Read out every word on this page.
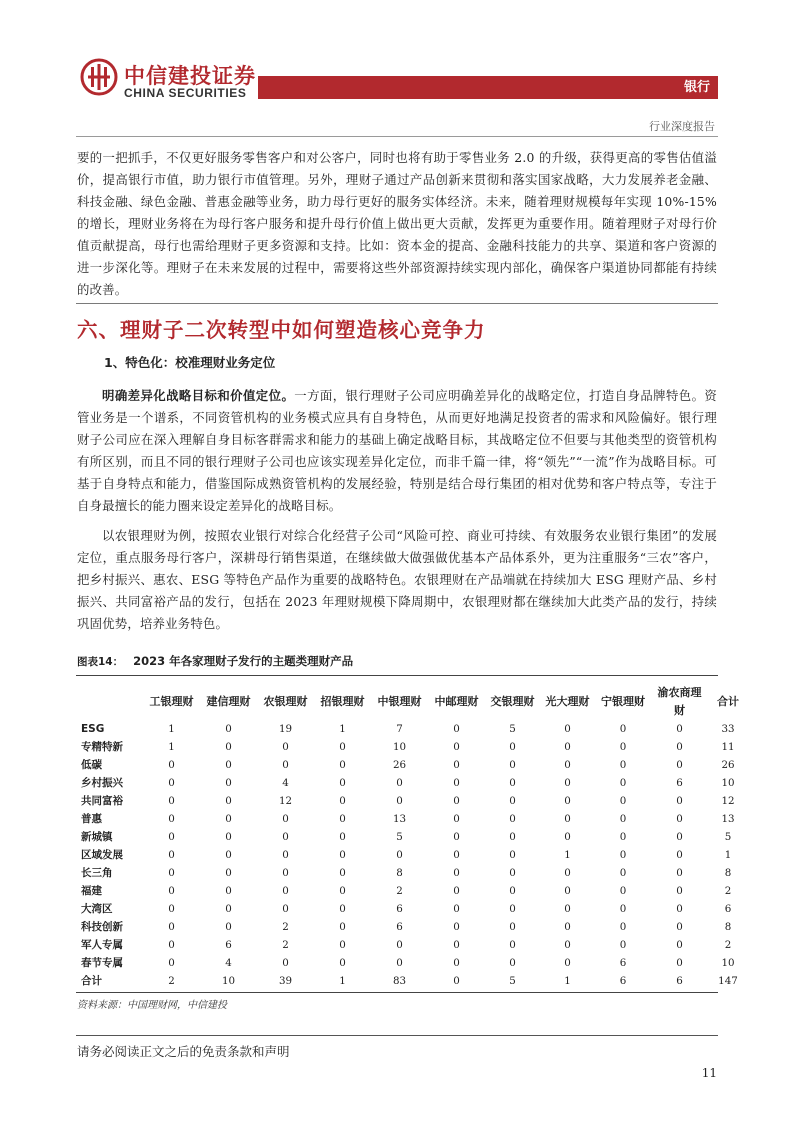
中信建投证券
CHINA SECURITIES	银行
行业深度报告

要的一把抓手，不仅更好服务零售客户和对公客户，同时也将有助于零售业务 2.0 的升级，获得更高的零售估值溢价，提高银行市值，助力银行市值管理。另外，理财子通过产品创新来贯彻和落实国家战略，大力发展养老金融、科技金融、绿色金融、普惠金融等业务，助力母行更好的服务实体经济。未来，随着理财规模每年实现 10%-15%的增长，理财业务将在为母行客户服务和提升母行价值上做出更大贡献，发挥更为重要作用。随着理财子对母行价值贡献提高，母行也需给理财子更多资源和支持。比如：资本金的提高、金融科技能力的共享、渠道和客户资源的进一步深化等。理财子在未来发展的过程中，需要将这些外部资源持续实现内部化，确保客户渠道协同都能有持续的改善。

六、理财子二次转型中如何塑造核心竞争力
1、特色化：校准理财业务定位

明确差异化战略目标和价值定位。一方面，银行理财子公司应明确差异化的战略定位，打造自身品牌特色。资管业务是一个谱系，不同资管机构的业务模式应具有自身特色，从而更好地满足投资者的需求和风险偏好。银行理财子公司应在深入理解自身目标客群需求和能力的基础上确定战略目标，其战略定位不但要与其他类型的资管机构有所区别，而且不同的银行理财子公司也应该实现差异化定位，而非千篇一律，将“领先”“一流”作为战略目标。可基于自身特点和能力，借鉴国际成熟资管机构的发展经验，特别是结合母行集团的相对优势和客户特点等，专注于自身最擅长的能力圈来设定差异化的战略目标。

以农银理财为例，按照农业银行对综合化经营子公司“风险可控、商业可持续、有效服务农业银行集团”的发展定位，重点服务母行客户，深耕母行销售渠道，在继续做大做强做优基本产品体系外，更为注重服务“三农”客户，把乡村振兴、惠农、ESG 等特色产品作为重要的战略特色。农银理财在产品端就在持续加大 ESG 理财产品、乡村振兴、共同富裕产品的发行，包括在 2023 年理财规模下降周期中，农银理财都在继续加大此类产品的发行，持续巩固优势，培养业务特色。

图表14： 2023 年各家理财子发行的主题类理财产品
	工银理财	建信理财	农银理财	招银理财	中银理财	中邮理财	交银理财	光大理财	宁银理财	渝农商理财	合计
ESG	1	0	19	1	7	0	5	0	0	0	33
专精特新	1	0	0	0	10	0	0	0	0	0	11
低碳	0	0	0	0	26	0	0	0	0	0	26
乡村振兴	0	0	4	0	0	0	0	0	0	6	10
共同富裕	0	0	12	0	0	0	0	0	0	0	12
普惠	0	0	0	0	13	0	0	0	0	0	13
新城镇	0	0	0	0	5	0	0	0	0	0	5
区域发展	0	0	0	0	0	0	0	1	0	0	1
长三角	0	0	0	0	8	0	0	0	0	0	8
福建	0	0	0	0	2	0	0	0	0	0	2
大湾区	0	0	0	0	6	0	0	0	0	0	6
科技创新	0	0	2	0	6	0	0	0	0	0	8
军人专属	0	6	2	0	0	0	0	0	0	0	2
春节专属	0	4	0	0	0	0	0	0	6	0	10
合计	2	10	39	1	83	0	5	1	6	6	147
资料来源：中国理财网，中信建投
请务必阅读正文之后的免责条款和声明
11
